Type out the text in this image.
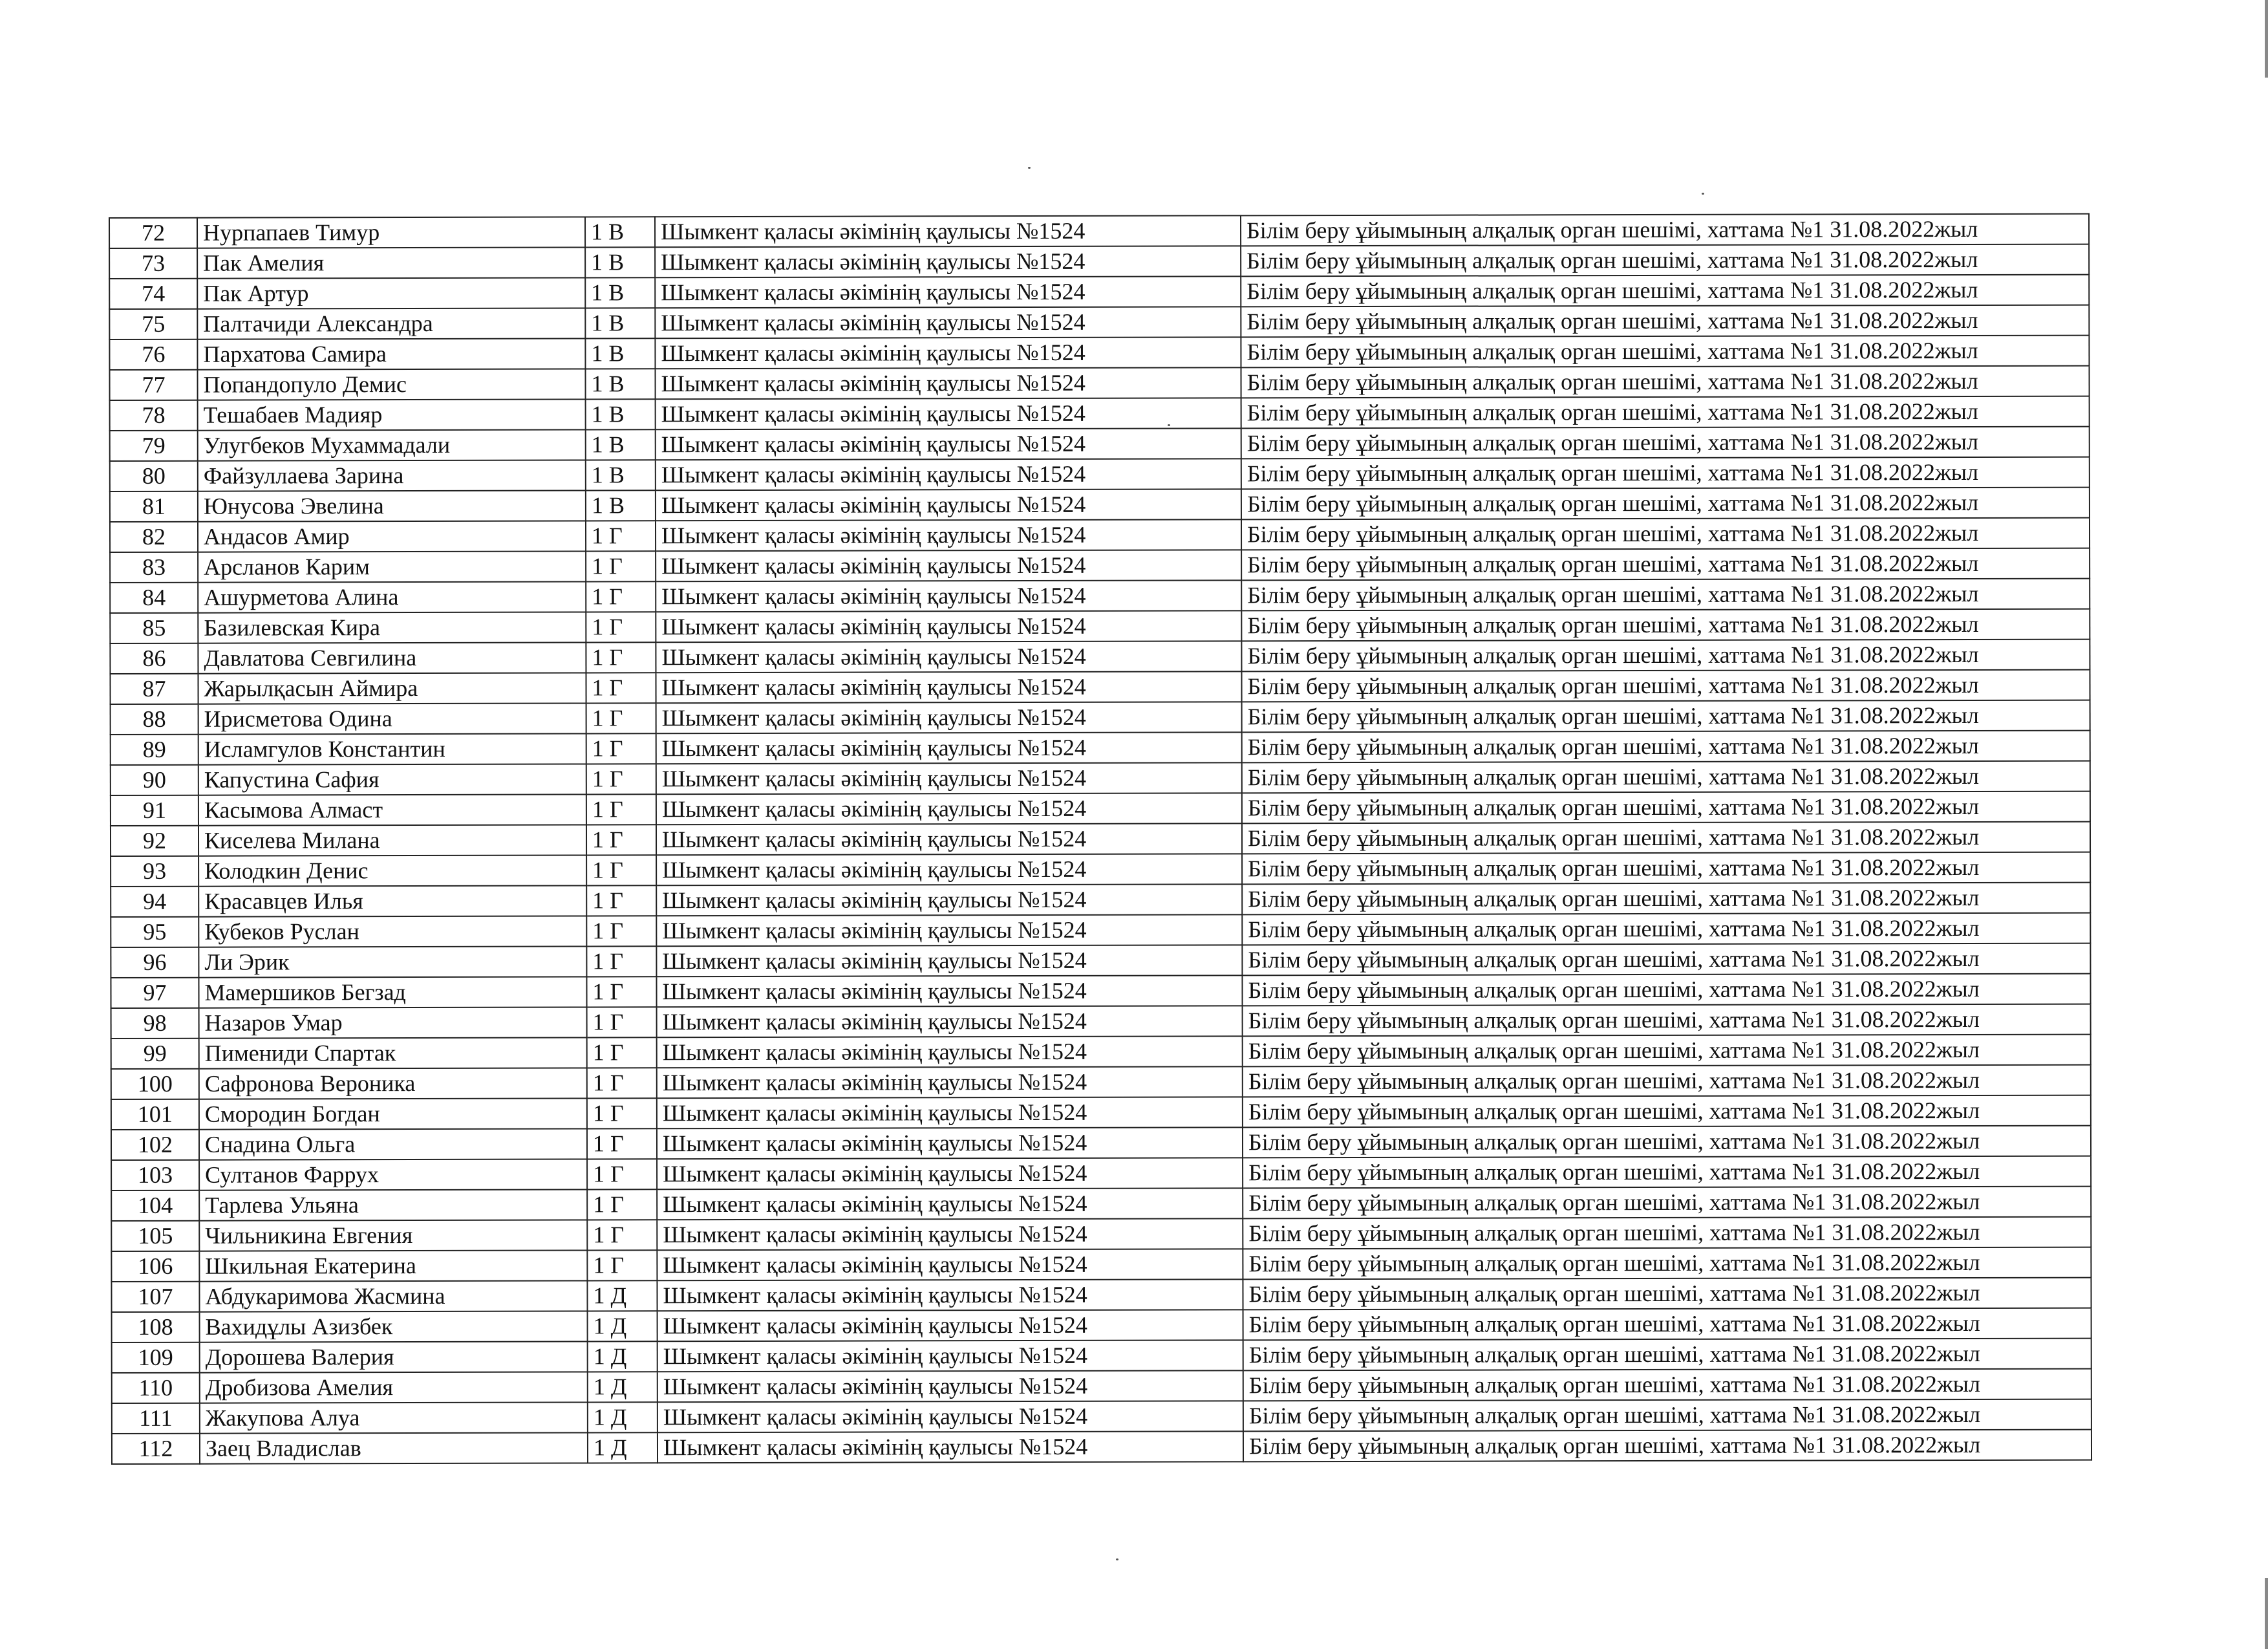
72	Нурпапаев Тимур	1 В	Шымкент қаласы әкімінің қаулысы №1524	Білім беру ұйымының алқалық орган шешімі, хаттама №1 31.08.2022жыл
73	Пак Амелия	1 В	Шымкент қаласы әкімінің қаулысы №1524	Білім беру ұйымының алқалық орган шешімі, хаттама №1 31.08.2022жыл
74	Пак Артур	1 В	Шымкент қаласы әкімінің қаулысы №1524	Білім беру ұйымының алқалық орган шешімі, хаттама №1 31.08.2022жыл
75	Палтачиди Александра	1 В	Шымкент қаласы әкімінің қаулысы №1524	Білім беру ұйымының алқалық орган шешімі, хаттама №1 31.08.2022жыл
76	Пархатова Самира	1 В	Шымкент қаласы әкімінің қаулысы №1524	Білім беру ұйымының алқалық орган шешімі, хаттама №1 31.08.2022жыл
77	Попандопуло Демис	1 В	Шымкент қаласы әкімінің қаулысы №1524	Білім беру ұйымының алқалық орган шешімі, хаттама №1 31.08.2022жыл
78	Тешабаев Мадияр	1 В	Шымкент қаласы әкімінің қаулысы №1524	Білім беру ұйымының алқалық орган шешімі, хаттама №1 31.08.2022жыл
79	Улугбеков Мухаммадали	1 В	Шымкент қаласы әкімінің қаулысы №1524	Білім беру ұйымының алқалық орган шешімі, хаттама №1 31.08.2022жыл
80	Файзуллаева Зарина	1 В	Шымкент қаласы әкімінің қаулысы №1524	Білім беру ұйымының алқалық орган шешімі, хаттама №1 31.08.2022жыл
81	Юнусова Эвелина	1 В	Шымкент қаласы әкімінің қаулысы №1524	Білім беру ұйымының алқалық орган шешімі, хаттама №1 31.08.2022жыл
82	Андасов Амир	1 Г	Шымкент қаласы әкімінің қаулысы №1524	Білім беру ұйымының алқалық орган шешімі, хаттама №1 31.08.2022жыл
83	Арсланов Карим	1 Г	Шымкент қаласы әкімінің қаулысы №1524	Білім беру ұйымының алқалық орган шешімі, хаттама №1 31.08.2022жыл
84	Ашурметова Алина	1 Г	Шымкент қаласы әкімінің қаулысы №1524	Білім беру ұйымының алқалық орган шешімі, хаттама №1 31.08.2022жыл
85	Базилевская Кира	1 Г	Шымкент қаласы әкімінің қаулысы №1524	Білім беру ұйымының алқалық орган шешімі, хаттама №1 31.08.2022жыл
86	Давлатова Севгилина	1 Г	Шымкент қаласы әкімінің қаулысы №1524	Білім беру ұйымының алқалық орган шешімі, хаттама №1 31.08.2022жыл
87	Жарылқасын Аймира	1 Г	Шымкент қаласы әкімінің қаулысы №1524	Білім беру ұйымының алқалық орган шешімі, хаттама №1 31.08.2022жыл
88	Ирисметова Одина	1 Г	Шымкент қаласы әкімінің қаулысы №1524	Білім беру ұйымының алқалық орган шешімі, хаттама №1 31.08.2022жыл
89	Исламгулов Константин	1 Г	Шымкент қаласы әкімінің қаулысы №1524	Білім беру ұйымының алқалық орган шешімі, хаттама №1 31.08.2022жыл
90	Капустина Сафия	1 Г	Шымкент қаласы әкімінің қаулысы №1524	Білім беру ұйымының алқалық орган шешімі, хаттама №1 31.08.2022жыл
91	Касымова Алмаст	1 Г	Шымкент қаласы әкімінің қаулысы №1524	Білім беру ұйымының алқалық орган шешімі, хаттама №1 31.08.2022жыл
92	Киселева Милана	1 Г	Шымкент қаласы әкімінің қаулысы №1524	Білім беру ұйымының алқалық орган шешімі, хаттама №1 31.08.2022жыл
93	Колодкин Денис	1 Г	Шымкент қаласы әкімінің қаулысы №1524	Білім беру ұйымының алқалық орган шешімі, хаттама №1 31.08.2022жыл
94	Красавцев Илья	1 Г	Шымкент қаласы әкімінің қаулысы №1524	Білім беру ұйымының алқалық орган шешімі, хаттама №1 31.08.2022жыл
95	Кубеков Руслан	1 Г	Шымкент қаласы әкімінің қаулысы №1524	Білім беру ұйымының алқалық орган шешімі, хаттама №1 31.08.2022жыл
96	Ли Эрик	1 Г	Шымкент қаласы әкімінің қаулысы №1524	Білім беру ұйымының алқалық орган шешімі, хаттама №1 31.08.2022жыл
97	Мамершиков Бегзад	1 Г	Шымкент қаласы әкімінің қаулысы №1524	Білім беру ұйымының алқалық орган шешімі, хаттама №1 31.08.2022жыл
98	Назаров Умар	1 Г	Шымкент қаласы әкімінің қаулысы №1524	Білім беру ұйымының алқалық орган шешімі, хаттама №1 31.08.2022жыл
99	Пимениди Спартак	1 Г	Шымкент қаласы әкімінің қаулысы №1524	Білім беру ұйымының алқалық орган шешімі, хаттама №1 31.08.2022жыл
100	Сафронова Вероника	1 Г	Шымкент қаласы әкімінің қаулысы №1524	Білім беру ұйымының алқалық орган шешімі, хаттама №1 31.08.2022жыл
101	Смородин Богдан	1 Г	Шымкент қаласы әкімінің қаулысы №1524	Білім беру ұйымының алқалық орган шешімі, хаттама №1 31.08.2022жыл
102	Снадина Ольга	1 Г	Шымкент қаласы әкімінің қаулысы №1524	Білім беру ұйымының алқалық орган шешімі, хаттама №1 31.08.2022жыл
103	Султанов Фаррух	1 Г	Шымкент қаласы әкімінің қаулысы №1524	Білім беру ұйымының алқалық орган шешімі, хаттама №1 31.08.2022жыл
104	Тарлева Ульяна	1 Г	Шымкент қаласы әкімінің қаулысы №1524	Білім беру ұйымының алқалық орган шешімі, хаттама №1 31.08.2022жыл
105	Чильникина Евгения	1 Г	Шымкент қаласы әкімінің қаулысы №1524	Білім беру ұйымының алқалық орган шешімі, хаттама №1 31.08.2022жыл
106	Шкильная Екатерина	1 Г	Шымкент қаласы әкімінің қаулысы №1524	Білім беру ұйымының алқалық орган шешімі, хаттама №1 31.08.2022жыл
107	Абдукаримова Жасмина	1 Д	Шымкент қаласы әкімінің қаулысы №1524	Білім беру ұйымының алқалық орган шешімі, хаттама №1 31.08.2022жыл
108	Вахидұлы Азизбек	1 Д	Шымкент қаласы әкімінің қаулысы №1524	Білім беру ұйымының алқалық орган шешімі, хаттама №1 31.08.2022жыл
109	Дорошева Валерия	1 Д	Шымкент қаласы әкімінің қаулысы №1524	Білім беру ұйымының алқалық орган шешімі, хаттама №1 31.08.2022жыл
110	Дробизова Амелия	1 Д	Шымкент қаласы әкімінің қаулысы №1524	Білім беру ұйымының алқалық орган шешімі, хаттама №1 31.08.2022жыл
111	Жакупова Алуа	1 Д	Шымкент қаласы әкімінің қаулысы №1524	Білім беру ұйымының алқалық орган шешімі, хаттама №1 31.08.2022жыл
112	Заец Владислав	1 Д	Шымкент қаласы әкімінің қаулысы №1524	Білім беру ұйымының алқалық орган шешімі, хаттама №1 31.08.2022жыл
